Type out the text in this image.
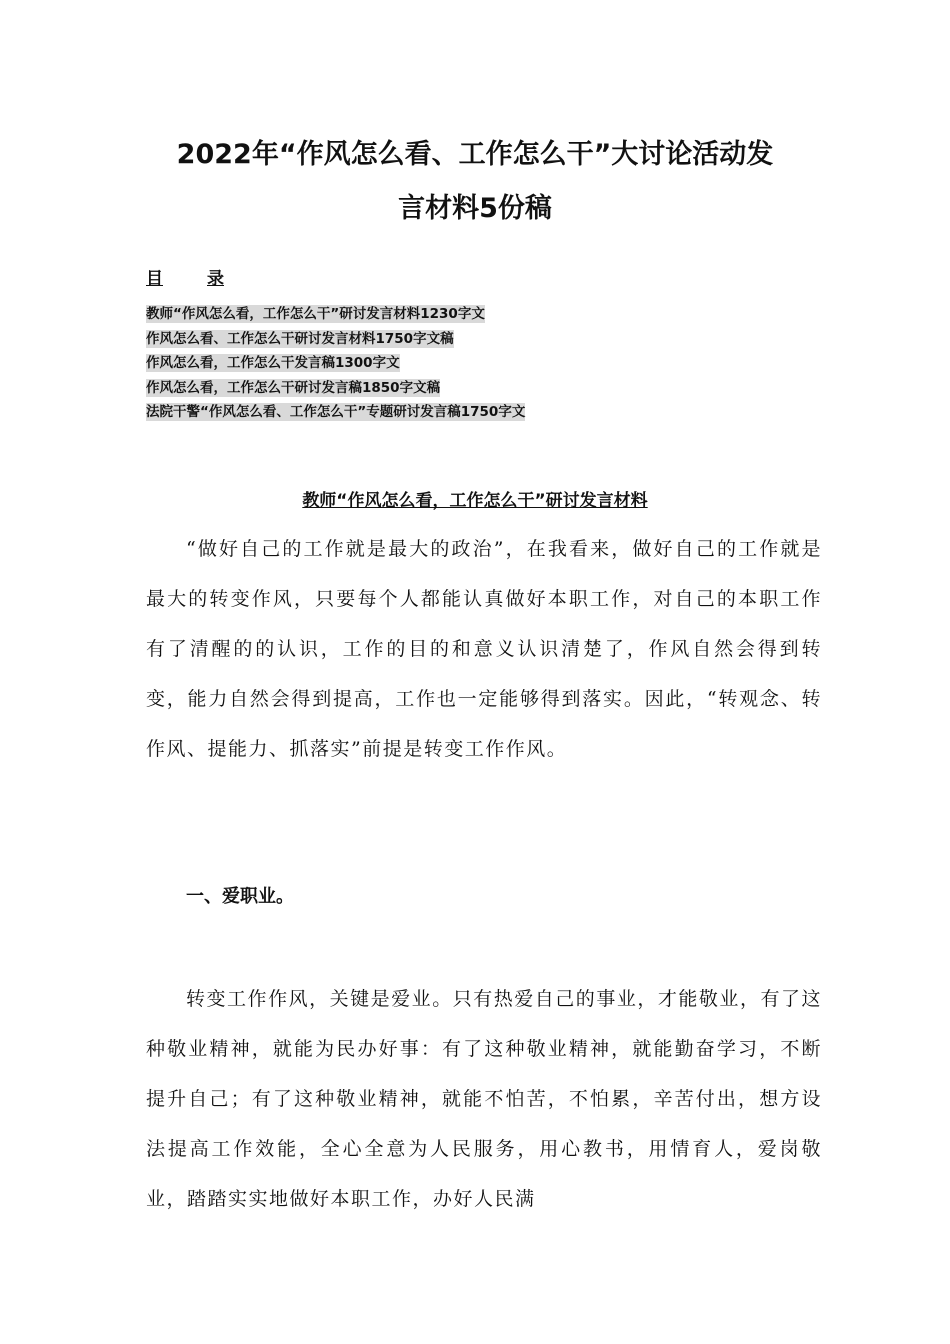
2022年“作风怎么看、工作怎么干”大讨论活动发
言材料5份稿
目	录
教师“作风怎么看，工作怎么干”研讨发言材料1230字文
作风怎么看、工作怎么干研讨发言材料1750字文稿
作风怎么看，工作怎么干发言稿1300字文
作风怎么看，工作怎么干研讨发言稿1850字文稿
法院干警“作风怎么看、工作怎么干”专题研讨发言稿1750字文
教师“作风怎么看，工作怎么干”研讨发言材料

“做好自己的工作就是最大的政治”，在我看来，做好自己的工作就是最大的转变作风，只要每个人都能认真做好本职工作，对自己的本职工作有了清醒的的认识，工作的目的和意义认识清楚了，作风自然会得到转变，能力自然会得到提高，工作也一定能够得到落实。因此，“转观念、转作风、提能力、抓落实”前提是转变工作作风。

一、爱职业。

转变工作作风，关键是爱业。只有热爱自己的事业，才能敬业，有了这种敬业精神，就能为民办好事：有了这种敬业精神，就能勤奋学习，不断提升自己；有了这种敬业精神，就能不怕苦，不怕累，辛苦付出，想方设法提高工作效能，全心全意为人民服务，用心教书，用情育人，爱岗敬业，踏踏实实地做好本职工作，办好人民满
